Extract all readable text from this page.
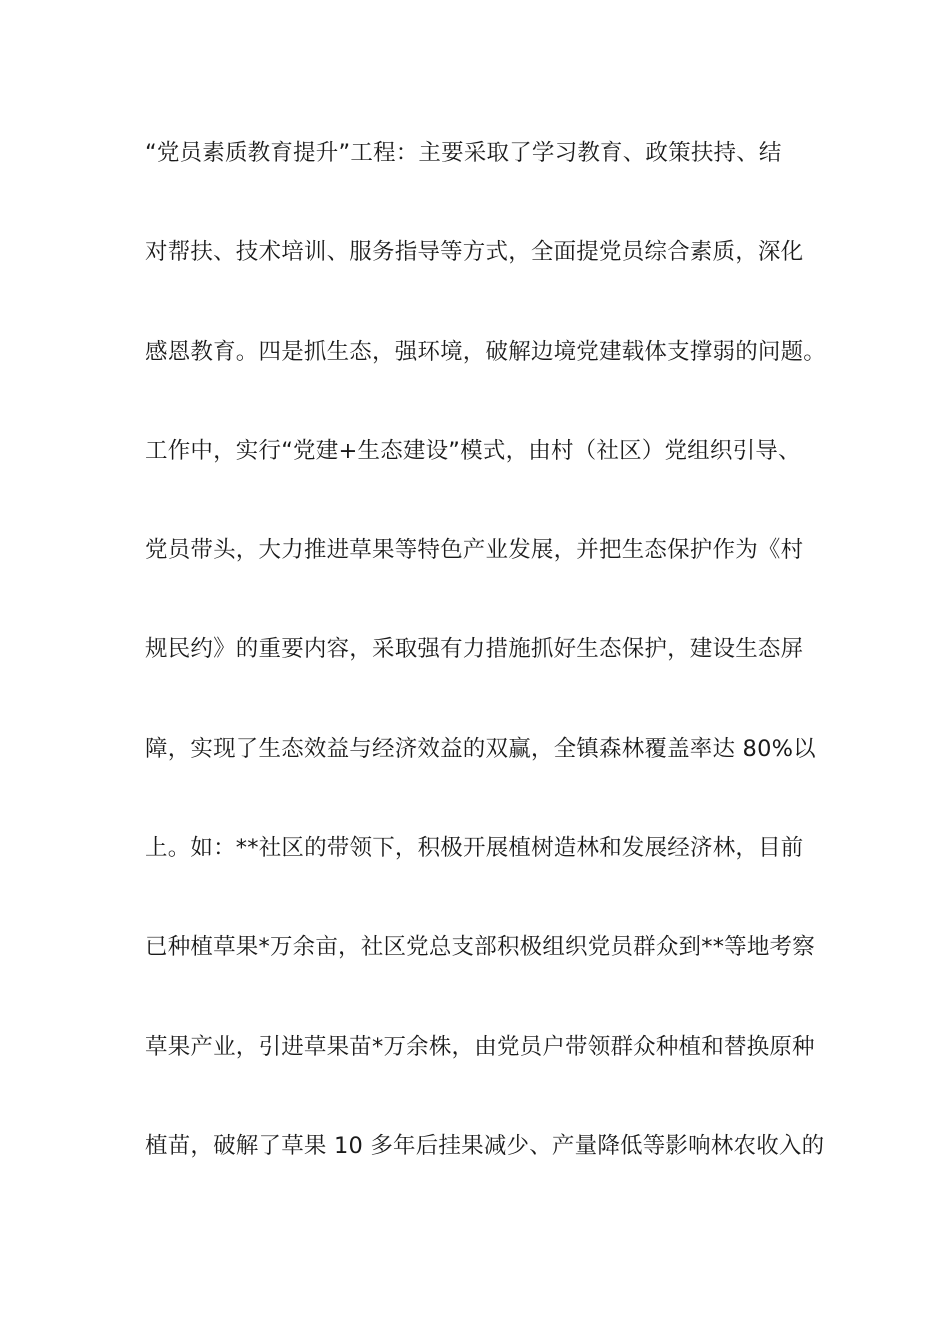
“党员素质教育提升”工程：主要采取了学习教育、政策扶持、结
对帮扶、技术培训、服务指导等方式，全面提党员综合素质，深化
感恩教育。四是抓生态，强环境，破解边境党建载体支撑弱的问题。
工作中，实行“党建+生态建设”模式，由村（社区）党组织引导、
党员带头，大力推进草果等特色产业发展，并把生态保护作为《村
规民约》的重要内容，采取强有力措施抓好生态保护，建设生态屏
障，实现了生态效益与经济效益的双赢，全镇森林覆盖率达 80%以
上。如：**社区的带领下，积极开展植树造林和发展经济林，目前
已种植草果*万余亩，社区党总支部积极组织党员群众到**等地考察
草果产业，引进草果苗*万余株，由党员户带领群众种植和替换原种
植苗，破解了草果 10 多年后挂果减少、产量降低等影响林农收入的
